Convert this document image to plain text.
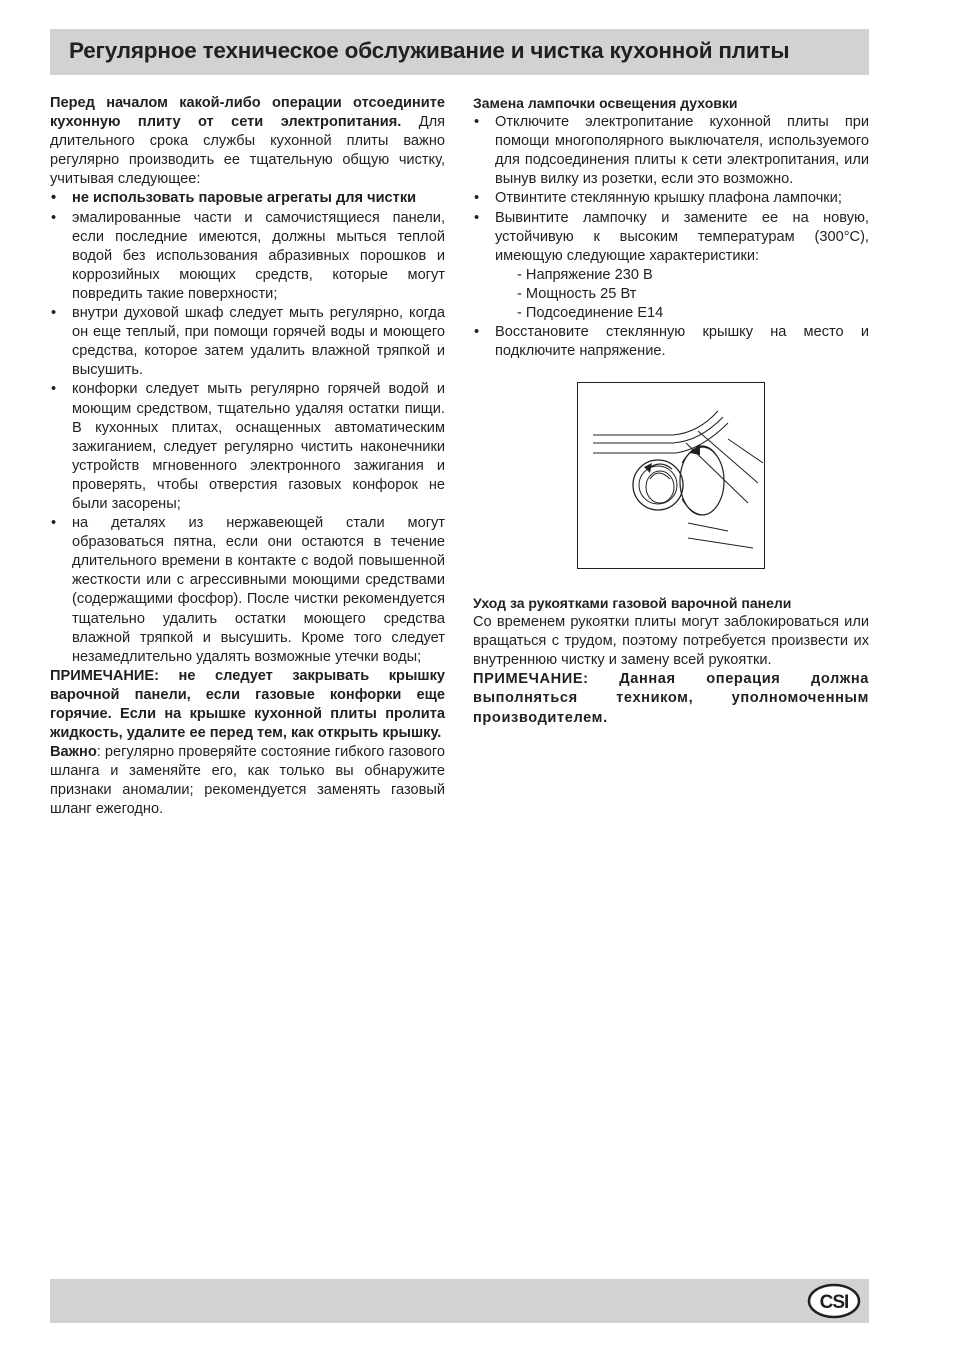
Регулярное техническое обслуживание и чистка кухонной плиты

Перед началом какой-либо операции отсоедините кухонную плиту от сети электропитания. Для длительного срока службы кухонной плиты важно регулярно производить ее тщательную общую чистку, учитывая следующее:

• не использовать паровые агрегаты для чистки
• эмалированные части и самочистящиеся панели, если последние имеются, должны мыться теплой водой без использования абразивных порошков и коррозийных моющих средств, которые могут повредить такие поверхности;
• внутри духовой шкаф следует мыть регулярно, когда он еще теплый, при помощи горячей воды и моющего средства, которое затем удалить влажной тряпкой и высушить.
• конфорки следует мыть регулярно горячей водой и моющим средством, тщательно удаляя остатки пищи. В кухонных плитах, оснащенных автоматическим зажиганием, следует регулярно чистить наконечники устройств мгновенного электронного зажигания и проверять, чтобы отверстия газовых конфорок не были засорены;
• на деталях из нержавеющей стали могут образоваться пятна, если они остаются в течение длительного времени в контакте с водой повышенной жесткости или с агрессивными моющими средствами (содержащими фосфор). После чистки рекомендуется тщательно удалить остатки моющего средства влажной тряпкой и высушить. Кроме того следует незамедлительно удалять возможные утечки воды;

ПРИМЕЧАНИЕ: не следует закрывать крышку варочной панели, если газовые конфорки еще горячие. Если на крышке кухонной плиты пролита жидкость, удалите ее перед тем, как открыть крышку.

Важно: регулярно проверяйте состояние гибкого газового шланга и заменяйте его, как только вы обнаружите признаки аномалии; рекомендуется заменять газовый шланг ежегодно.

Замена лампочки освещения духовки
• Отключите электропитание кухонной плиты при помощи многополярного выключателя, используемого для подсоединения плиты к сети электропитания, или вынув вилку из розетки, если это возможно.
• Отвинтите стеклянную крышку плафона лампочки;
• Вывинтите лампочку и замените ее на новую, устойчивую к высоким температурам (300°C), имеющую следующие характеристики:
- Напряжение 230 В
- Мощность 25 Вт
- Подсоединение E14
• Восстановите стеклянную крышку на место и подключите напряжение.
Уход за рукоятками газовой варочной панели

Со временем рукоятки плиты могут заблокироваться или вращаться с трудом, поэтому потребуется произвести их внутреннюю чистку и замену всей рукоятки.

ПРИМЕЧАНИЕ: Данная операция должна выполняться техником, уполномоченным производителем.

CSI
